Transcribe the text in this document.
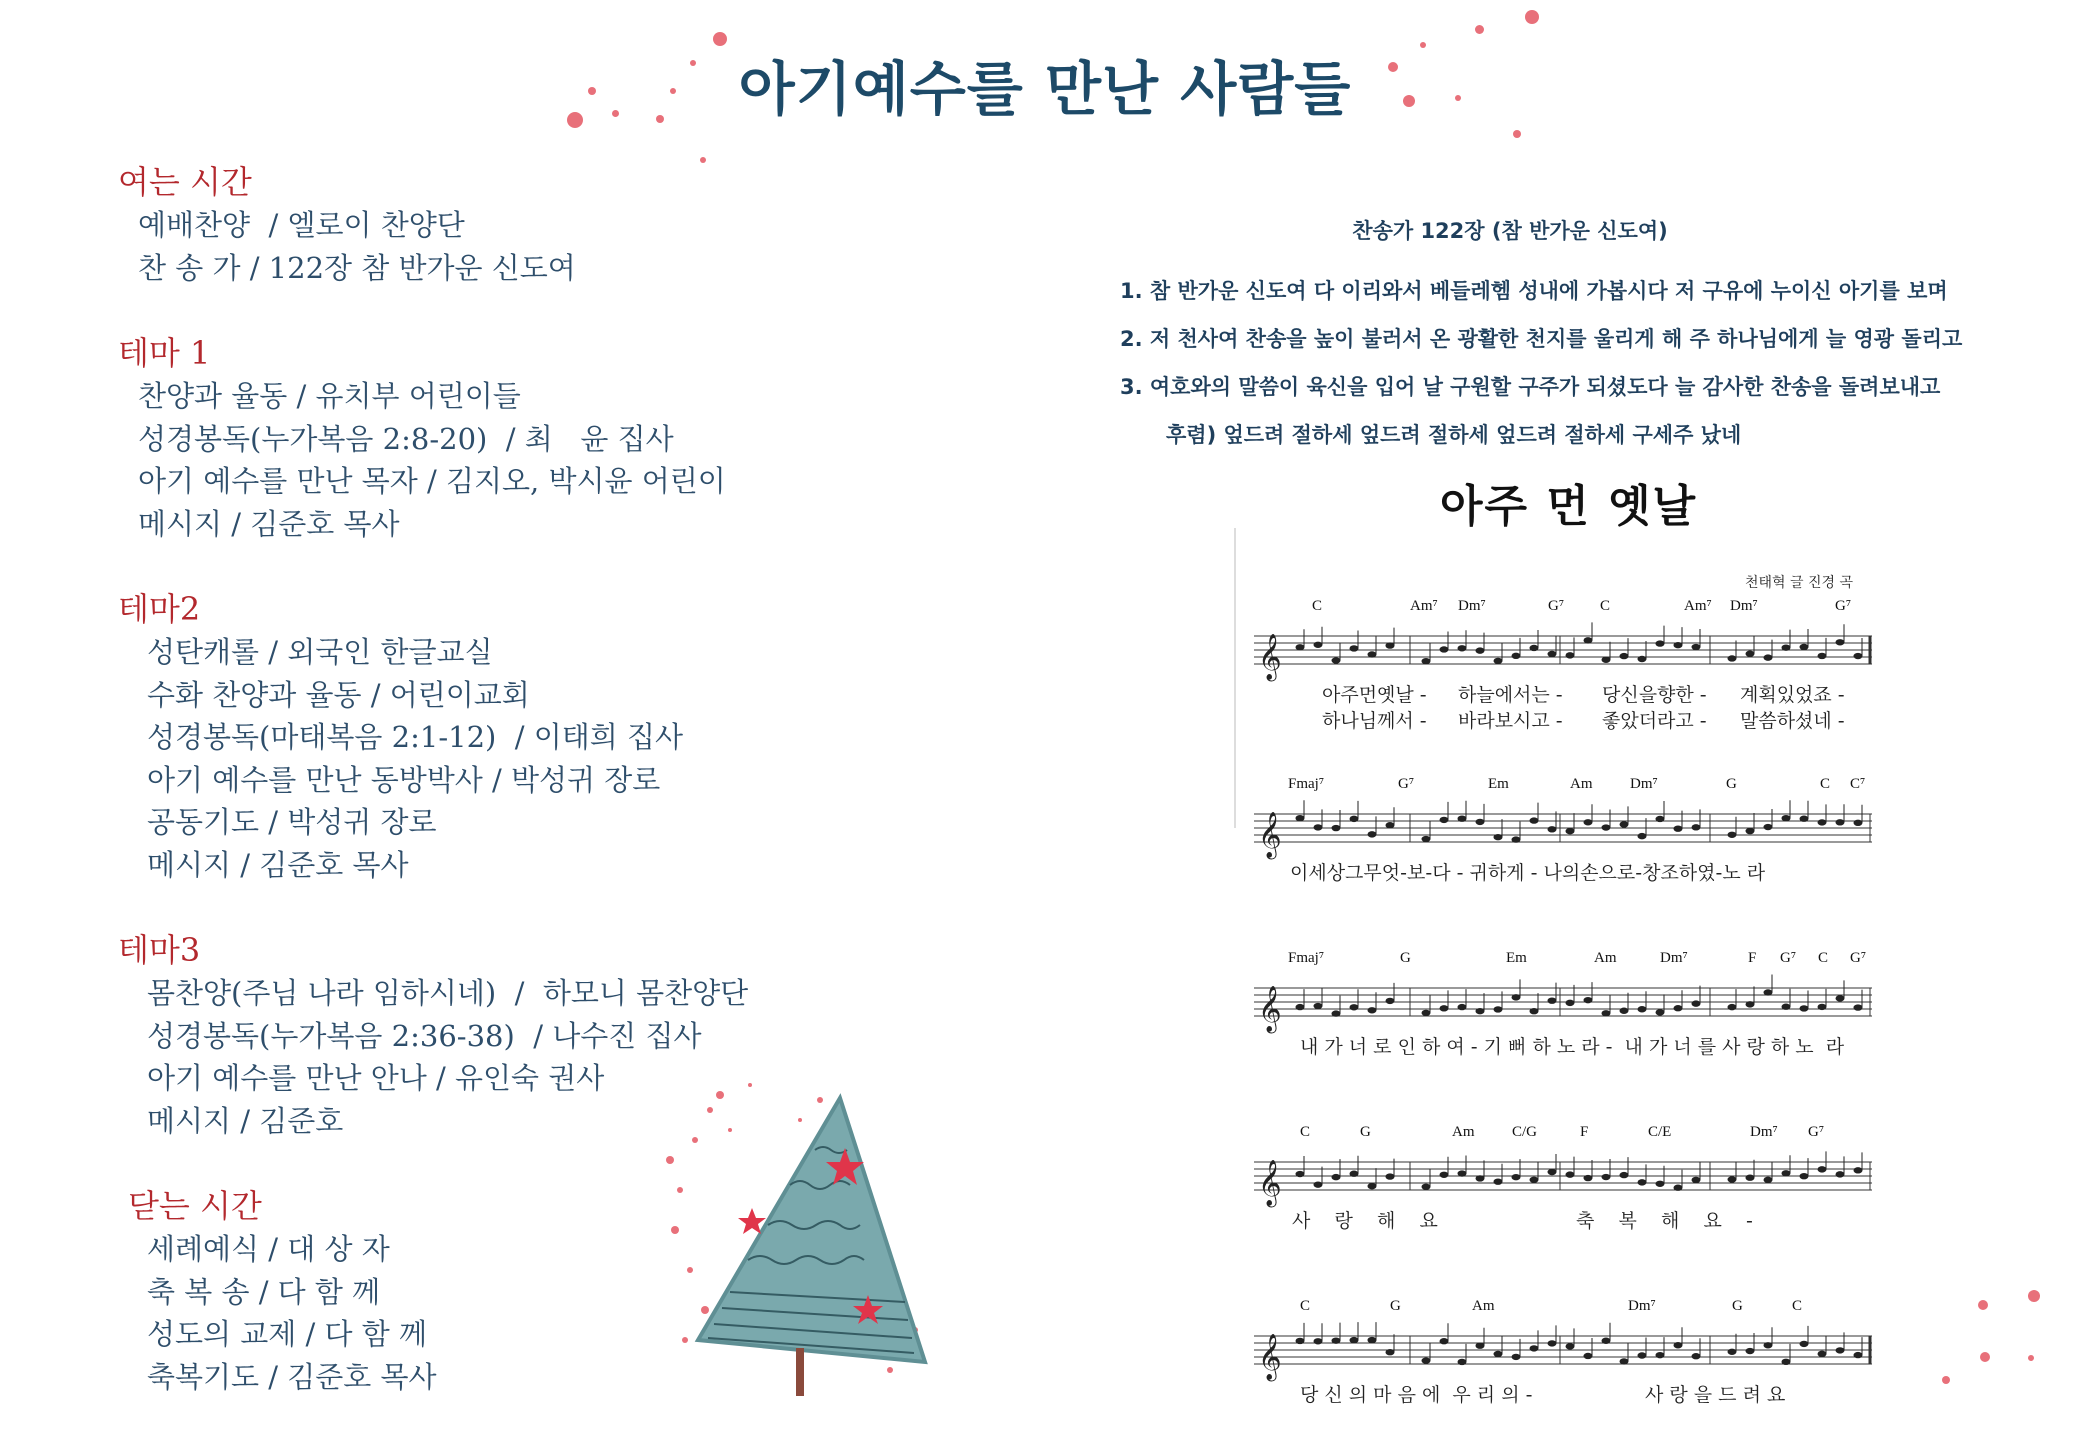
아기예수를 만난 사람들
여는 시간
예배찬양  / 엘로이 찬양단
찬 송 가 / 122장 참 반가운 신도여
테마 1
찬양과 율동 / 유치부 어린이들
성경봉독(누가복음 2:8-20)  / 최   윤 집사
아기 예수를 만난 목자 / 김지오, 박시윤 어린이
메시지 / 김준호 목사
테마2
성탄캐롤 / 외국인 한글교실
수화 찬양과 율동 / 어린이교회
성경봉독(마태복음 2:1-12)  / 이태희 집사
아기 예수를 만난 동방박사 / 박성귀 장로
공동기도 / 박성귀 장로
메시지 / 김준호 목사
테마3
몸찬양(주님 나라 임하시네)  /  하모니 몸찬양단
성경봉독(누가복음 2:36-38)  / 나수진 집사
아기 예수를 만난 안나 / 유인숙 권사
메시지 / 김준호
닫는 시간
세례예식 / 대 상 자
축 복 송 / 다 함 께
성도의 교제 / 다 함 께
축복기도 / 김준호 목사
찬송가 122장 (참 반가운 신도여)
1. 참 반가운 신도여 다 이리와서 베들레헴 성내에 가봅시다 저 구유에 누이신 아기를 보며
2. 저 천사여 찬송을 높이 불러서 온 광활한 천지를 울리게 해 주 하나님에게 늘 영광 돌리고
3. 여호와의 말씀이 육신을 입어 날 구원할 구주가 되셨도다 늘 감사한 찬송을 돌려보내고
후렴) 엎드려 절하세 엎드려 절하세 엎드려 절하세 구세주 났네
아주 먼 옛날
천태혁 글 진경 곡
C	Am⁷ Dm⁷	G⁷ C	Am⁷ Dm⁷	G⁷
𝄞
아주먼옛날 - 하늘에서는 - 당신을향한 - 계획있었죠 -
하나님께서 - 바라보시고 - 좋았더라고 - 말씀하셨네 -
Fmaj⁷	G⁷	Em	Am	Dm⁷	G	C C⁷
𝄞
이세상그무엇-보-다 - 귀하게 - 나의손으로-창조하였-노 라
Fmaj⁷	G	Em	Am	Dm⁷	F G⁷ C G⁷
𝄞
내 가 너 로 인 하 여 - 기 뻐 하 노 라 -  내 가 너 를 사 랑 하 노  라
C	G	Am	C/G	F	C/E	Dm⁷ G⁷
𝄞
사    랑    해    요	축    복    해    요    -
C	G	Am	Dm⁷	G	C
𝄞
당 신 의 마 음 에  우 리 의 -	사 랑 을 드 려 요
